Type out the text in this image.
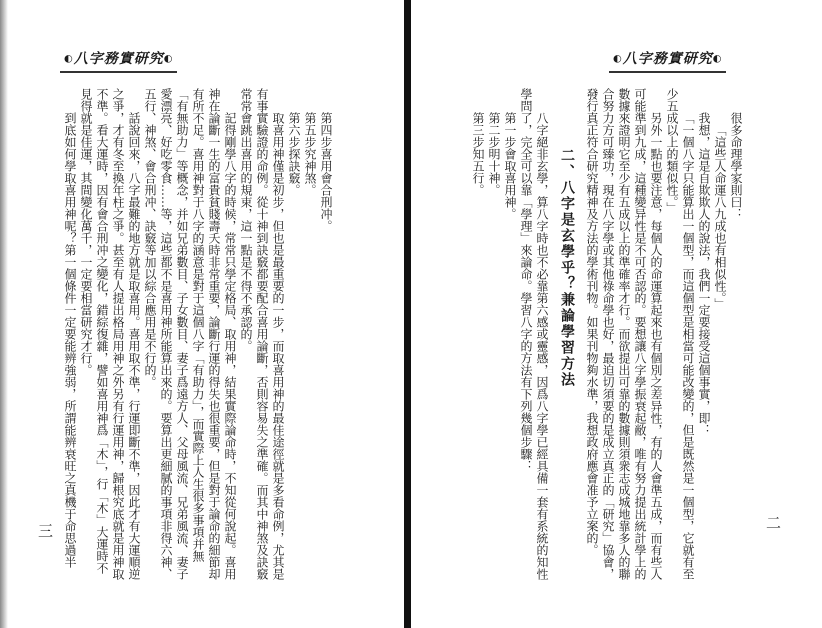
◐八字務實研究◐
第四步喜用會合刑冲。
第五步究神煞。
第六步探訣竅。
取喜用神僅是初步，但也是最重要的一步，而取喜用神的最佳途徑就是多看命例，尤其是
有事實驗證的命例。從十神到訣竅都要配合喜用論斷，否則容易失之準確。而其中神煞及訣竅
常常會跳出喜用的規束，這一點是不得不承認的。
記得剛學八字的時候，常常只學定格局、取用神，結果實際論命時，不知從何說起。喜用
神在論斷一生的富貴貧賤壽夭時非常重要，論斷行運的得失也很重要，但是對于論命的細節却
有所不足。喜用神對于八字的涵意是對于這個八字「有助力」，而實際上人生很多事項并無
「有無助力」等概念，并如兄弟數目、子女數目、妻子爲遠方人、父母風流、兄弟風流、妻子
愛漂亮、好吃零食……等，這些都不是喜用神所能算出來的。要算出更細膩的事項非得六神、
五行、神煞、會合刑冲、訣竅等加以綜合應用是不行的。
話說回來，八字最難的地方就是取喜用。喜用取不準，行運即斷不準，因此才有大運順逆
之爭，才有冬至換年柱之爭。甚至有人提出格局用神之外另有行運用神，歸根究底就是用神取
不準。看大運時，因有會合刑冲之變化，錯綜復雜，譬如喜用神爲「木」，行「木」大運時不
見得就是佳運，其間變化萬千，一定要相當研究才行。
到底如何學取喜用神呢？第一個條件一定要能辨強弱，所謂能辨衰旺之真機于命思過半
三
◐八字務實研究◐
很多命理學家則曰：
「這些人命運八九成也有相似性。」
我想，這是自欺欺人的說法，我們一定要接受這個事實，即：
「一個八字只能算出一個型，而這個型是相當可能改變的，但是既然是一個型，它就有至
少五成以上的類似性。」
另外一點也要注意，每個人的命運算起來也有個別之差异性，有的人會準五成，而有些人
可能準到九成，這種變异性是不可否認的。要想讓八字學振衰起敝，唯有努力提出統計學上的
數據來證明它至少有五成以上的準確率才行。而欲提出可靠的數據則須衆志成城地靠多人的聯
合努力方可臻功，現在八字學或其他祿命學也好，最迫切須要的是成立真正的「研究」協會，
發行真正符合研究精神及方法的學術刊物。如果刊物夠水準，我想政府應會准予立案的。
二、八字是玄學乎？兼論學習方法
八字絕非玄學，算八字時也不必靠第六感或靈感，因爲八字學已經具備一套有系統的知性
學問了，完全可以靠「學理」來論命。學習八字的方法有下列幾個步驟：
第一步會取喜用神。
第二步明十神。
第三步知五行。
二
